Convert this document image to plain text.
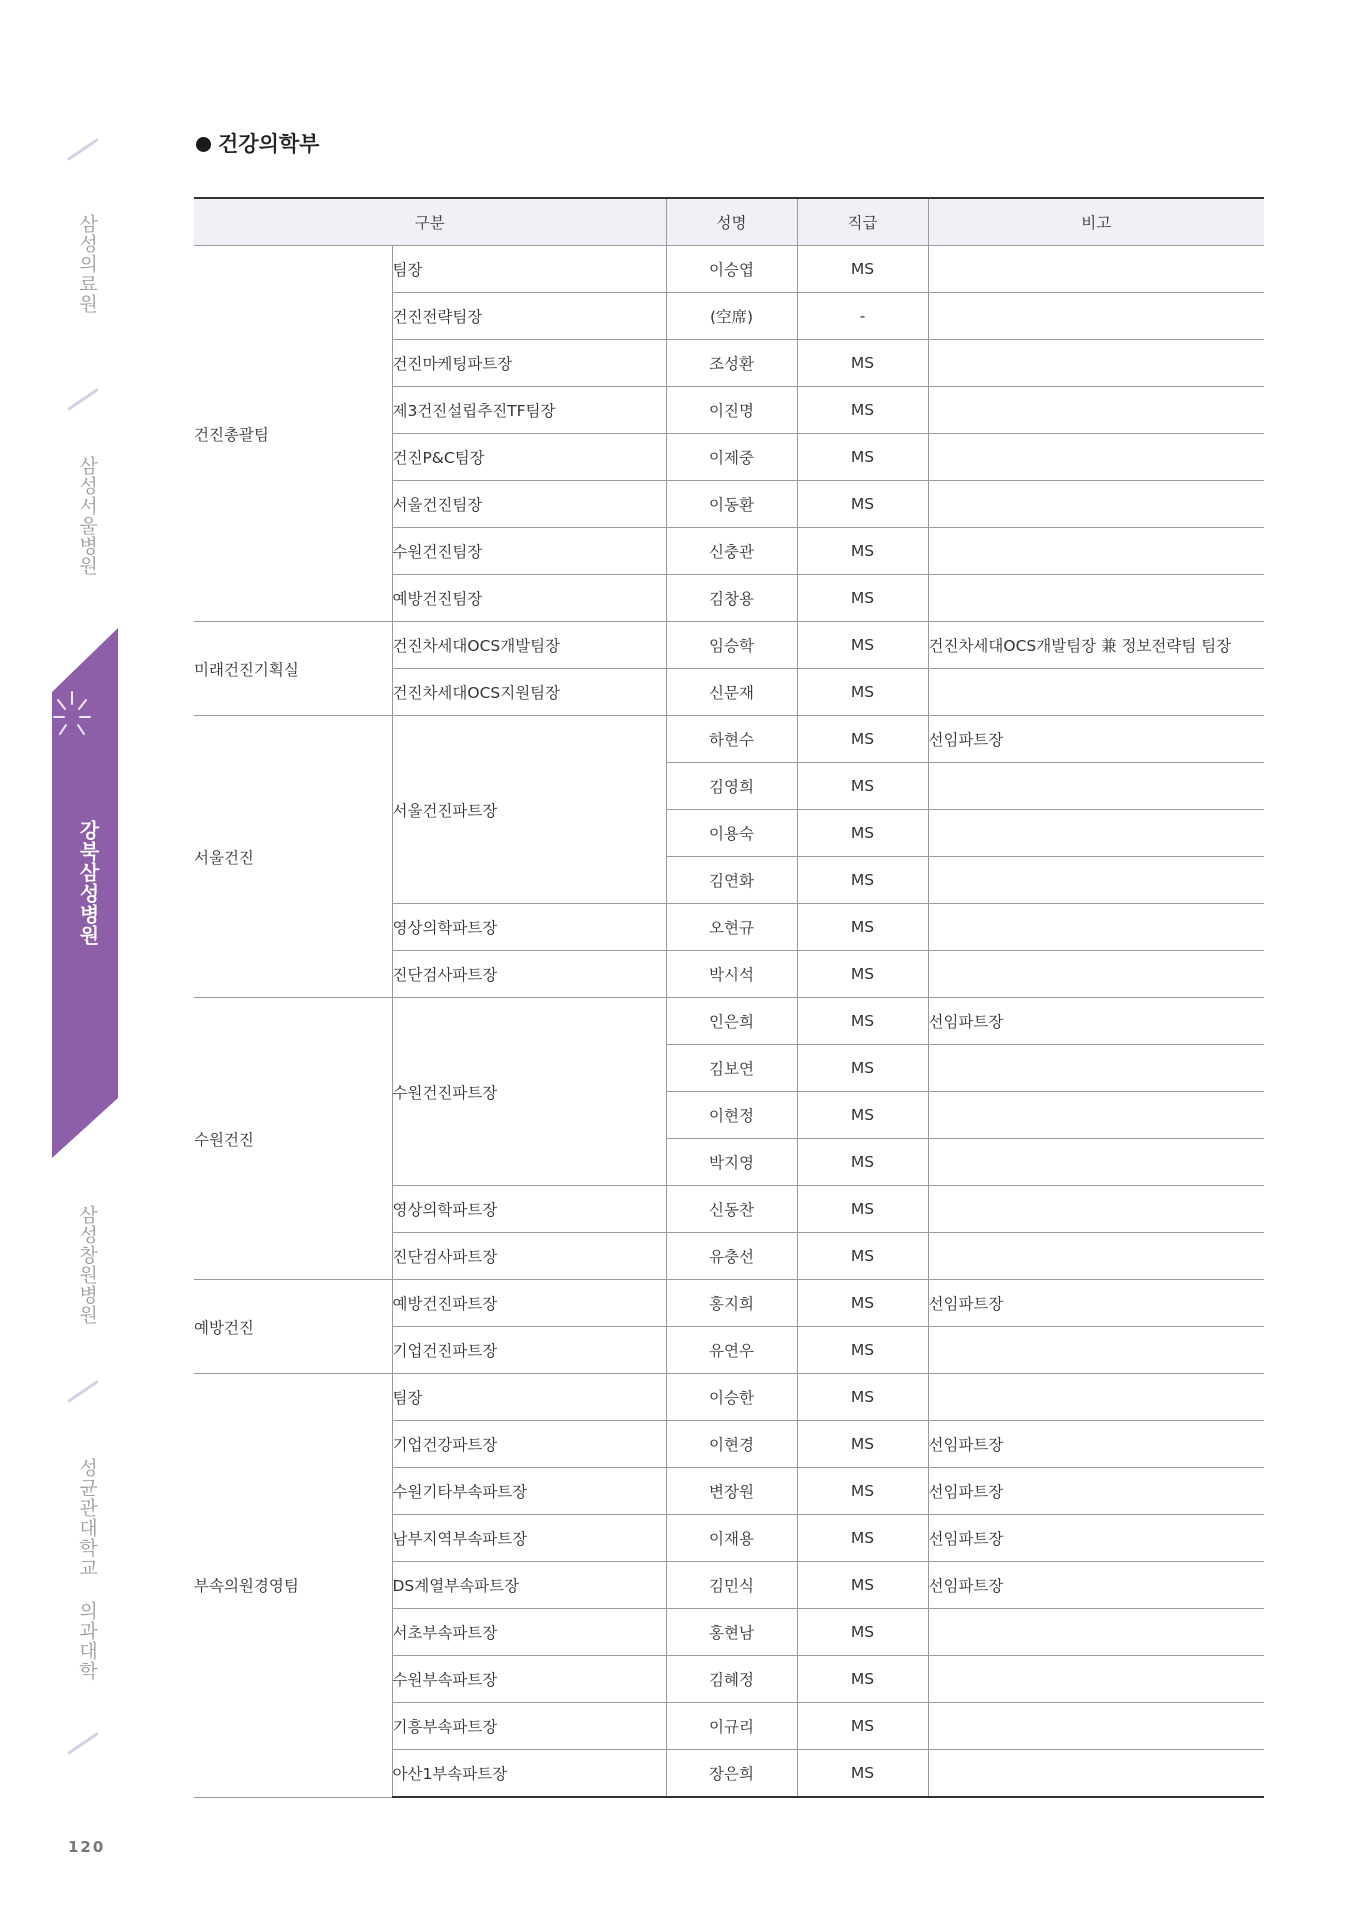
삼성의료원
삼성서울병원
강북삼성병원
삼성창원병원
성균관대학교 의과대학
120
건강의학부
구분		성명	직급	비고
건진총괄팀	팀장	이승엽	MS	
	건진전략팀장	(空席)	-	
	건진마케팅파트장	조성환	MS	
	제3건진설립추진TF팀장	이진명	MS	
	건진P&C팀장	이제중	MS	
	서울건진팀장	이동환	MS	
	수원건진팀장	신충관	MS	
	예방건진팀장	김창용	MS	
미래건진기획실	건진차세대OCS개발팀장	임승학	MS	건진차세대OCS개발팀장 兼 정보전략팀 팀장
	건진차세대OCS지원팀장	신문재	MS	
서울건진	서울건진파트장	하현수	MS	선임파트장
		김영희	MS	
		이용숙	MS	
		김연화	MS	
	영상의학파트장	오현규	MS	
	진단검사파트장	박시석	MS	
수원건진	수원건진파트장	인은희	MS	선임파트장
		김보연	MS	
		이현정	MS	
		박지영	MS	
	영상의학파트장	신동찬	MS	
	진단검사파트장	유충선	MS	
예방건진	예방건진파트장	홍지희	MS	선임파트장
	기업건진파트장	유연우	MS	
부속의원경영팀	팀장	이승한	MS	
	기업건강파트장	이현경	MS	선임파트장
	수원기타부속파트장	변장원	MS	선임파트장
	남부지역부속파트장	이재용	MS	선임파트장
	DS계열부속파트장	김민식	MS	선임파트장
	서초부속파트장	홍현남	MS	
	수원부속파트장	김혜정	MS	
	기흥부속파트장	이규리	MS	
	아산1부속파트장	장은희	MS	
